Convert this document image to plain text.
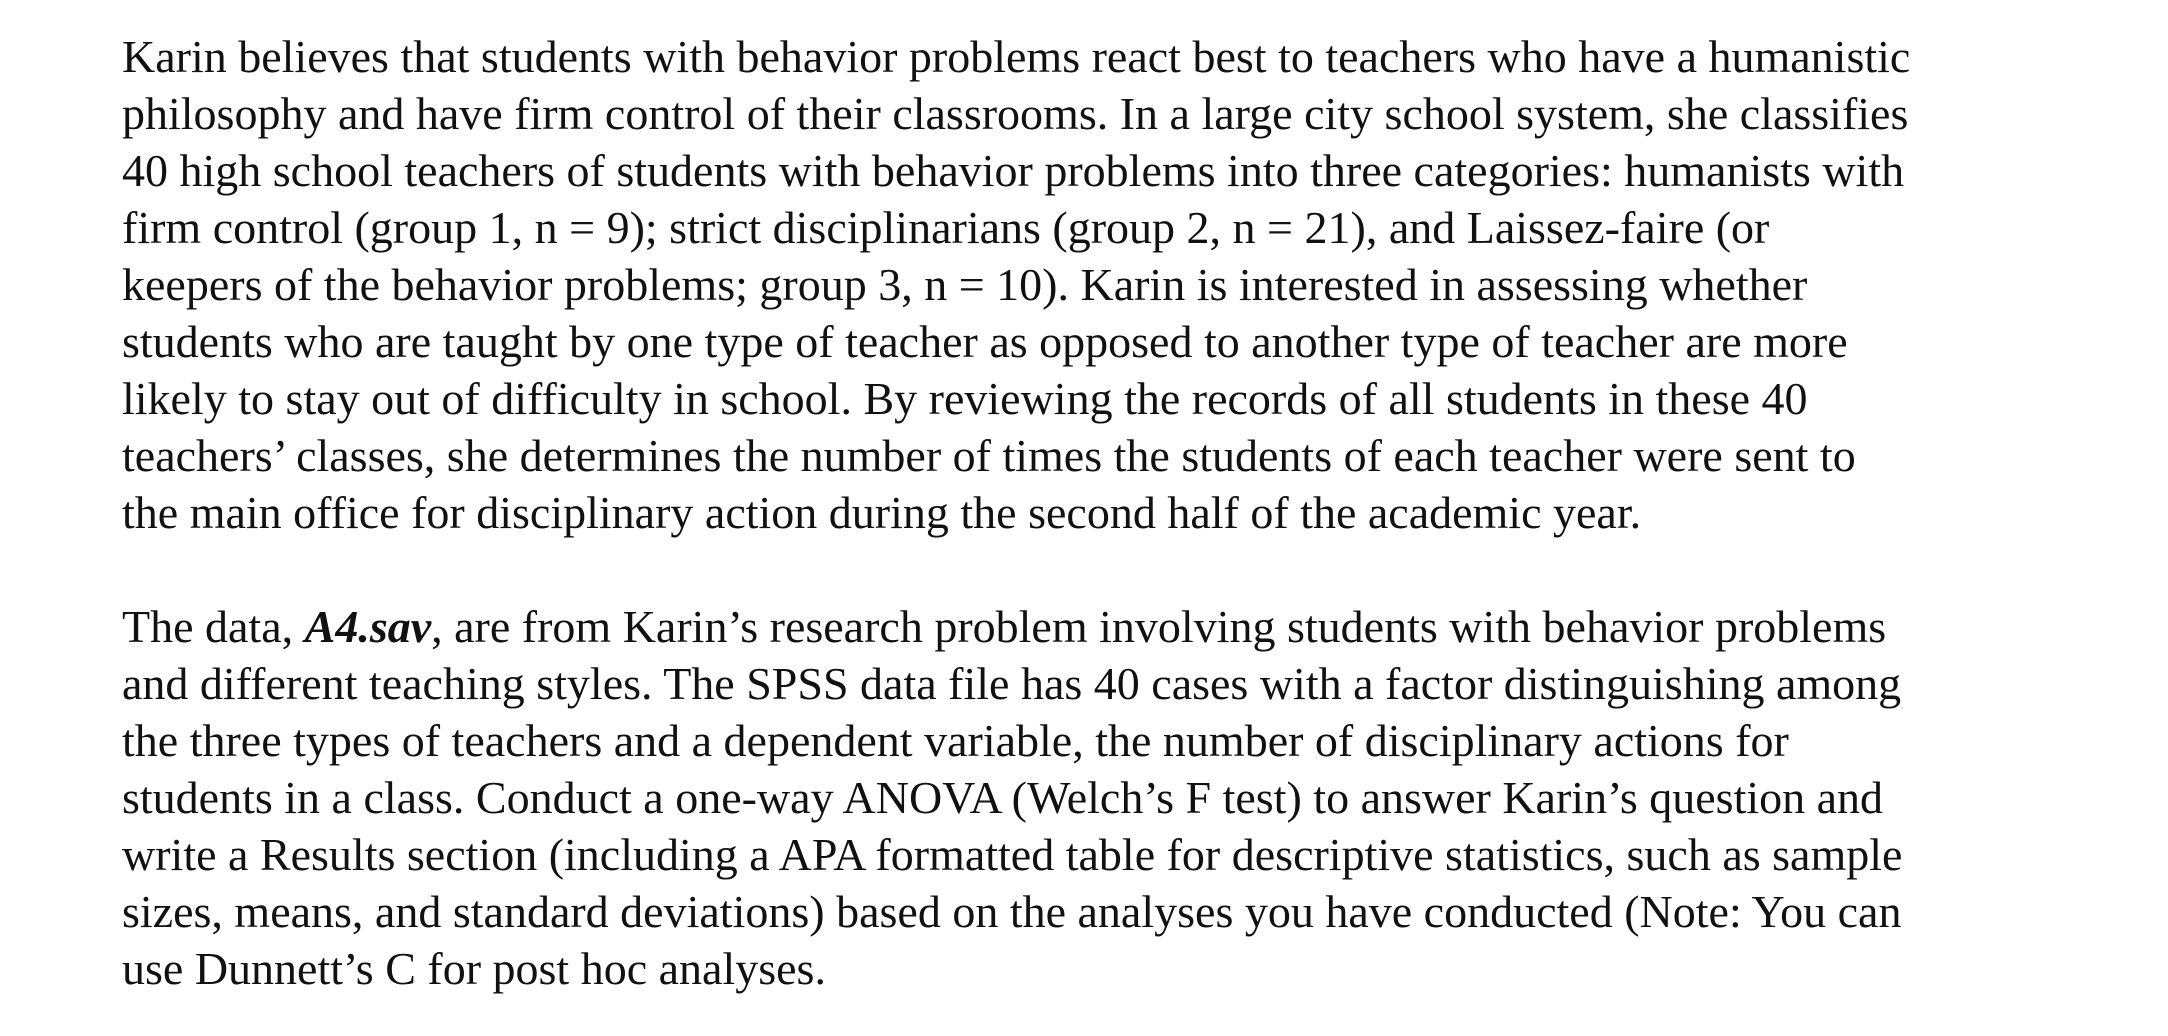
Karin believes that students with behavior problems react best to teachers who have a humanistic
philosophy and have firm control of their classrooms. In a large city school system, she classifies
40 high school teachers of students with behavior problems into three categories: humanists with
firm control (group 1, n = 9); strict disciplinarians (group 2, n = 21), and Laissez-faire (or
keepers of the behavior problems; group 3, n = 10). Karin is interested in assessing whether
students who are taught by one type of teacher as opposed to another type of teacher are more
likely to stay out of difficulty in school. By reviewing the records of all students in these 40
teachers’ classes, she determines the number of times the students of each teacher were sent to
the main office for disciplinary action during the second half of the academic year.

The data, A4.sav, are from Karin’s research problem involving students with behavior problems
and different teaching styles. The SPSS data file has 40 cases with a factor distinguishing among
the three types of teachers and a dependent variable, the number of disciplinary actions for
students in a class. Conduct a one-way ANOVA (Welch’s F test) to answer Karin’s question and
write a Results section (including a APA formatted table for descriptive statistics, such as sample
sizes, means, and standard deviations) based on the analyses you have conducted (Note: You can
use Dunnett’s C for post hoc analyses.
